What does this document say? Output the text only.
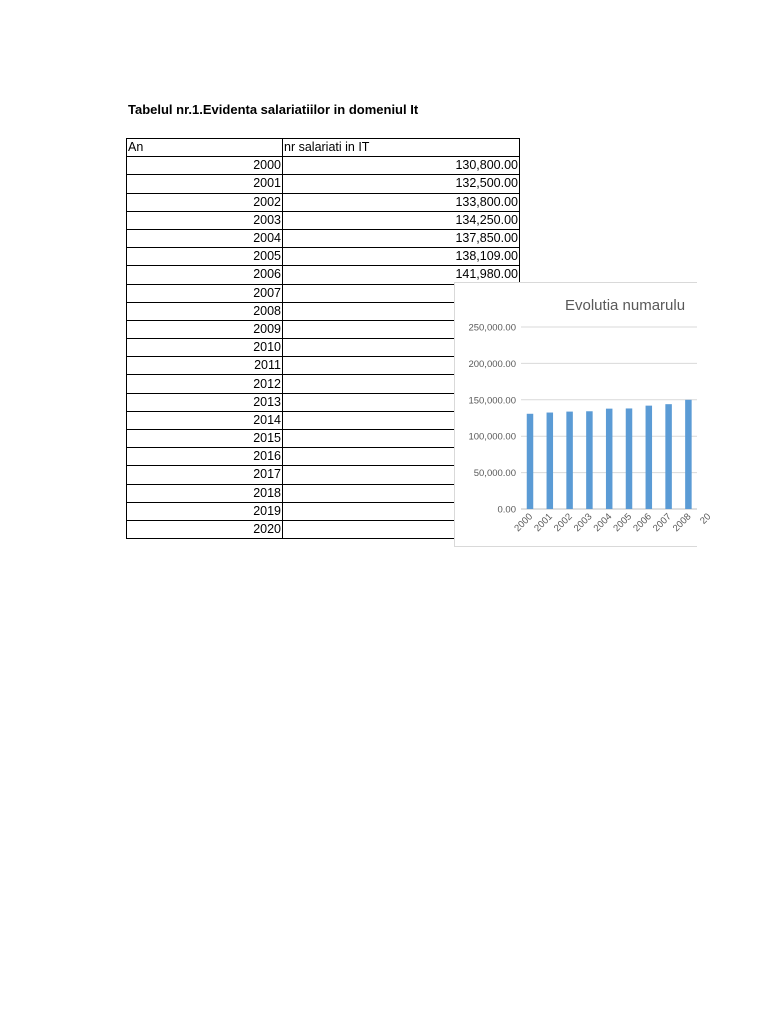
Tabelul nr.1.Evidenta salariatiilor in domeniul It
An	nr salariati in IT
2000	130,800.00
2001	132,500.00
2002	133,800.00
2003	134,250.00
2004	137,850.00
2005	138,109.00
2006	141,980.00
2007	
2008	
2009	
2010	
2011	
2012	
2013	
2014	
2015	
2016	
2017	
2018	
2019	
2020	
Evolutia numarulu
0.00
50,000.00
100,000.00
150,000.00
200,000.00
250,000.00
2000
2001
2002
2003
2004
2005
2006
2007
2008 20
